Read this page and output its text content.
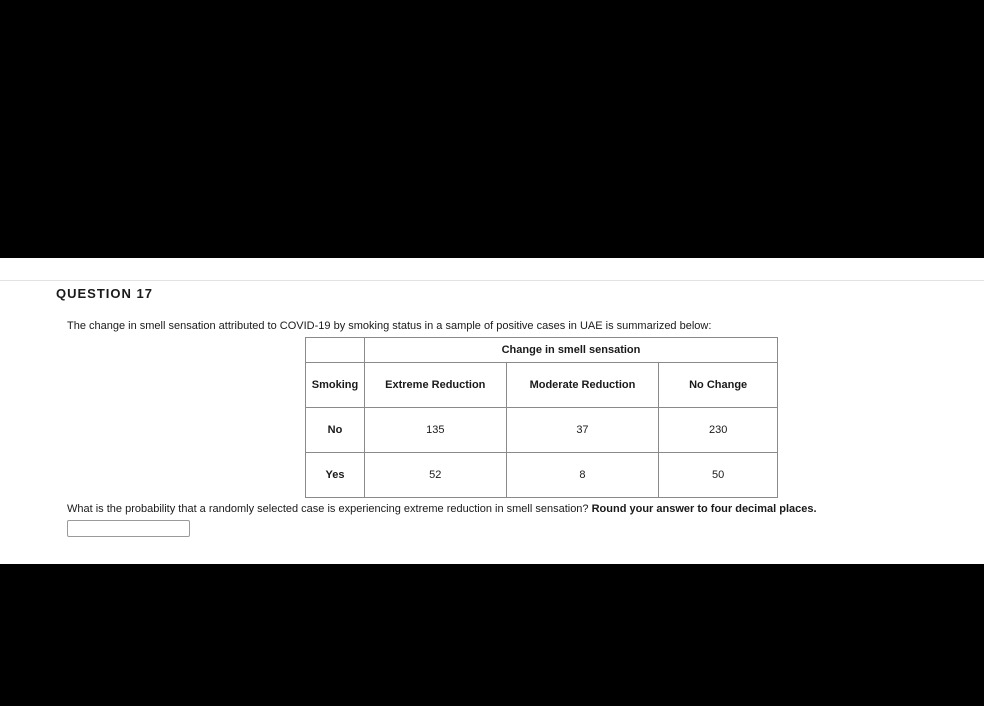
QUESTION 17
The change in smell sensation attributed to COVID-19 by smoking status in a sample of positive cases in UAE is summarized below:
	Change in smell sensation		
Smoking	Extreme Reduction	Moderate Reduction	No Change
No	135	37	230
Yes	52	8	50
What is the probability that a randomly selected case is experiencing extreme reduction in smell sensation? Round your answer to four decimal places.
